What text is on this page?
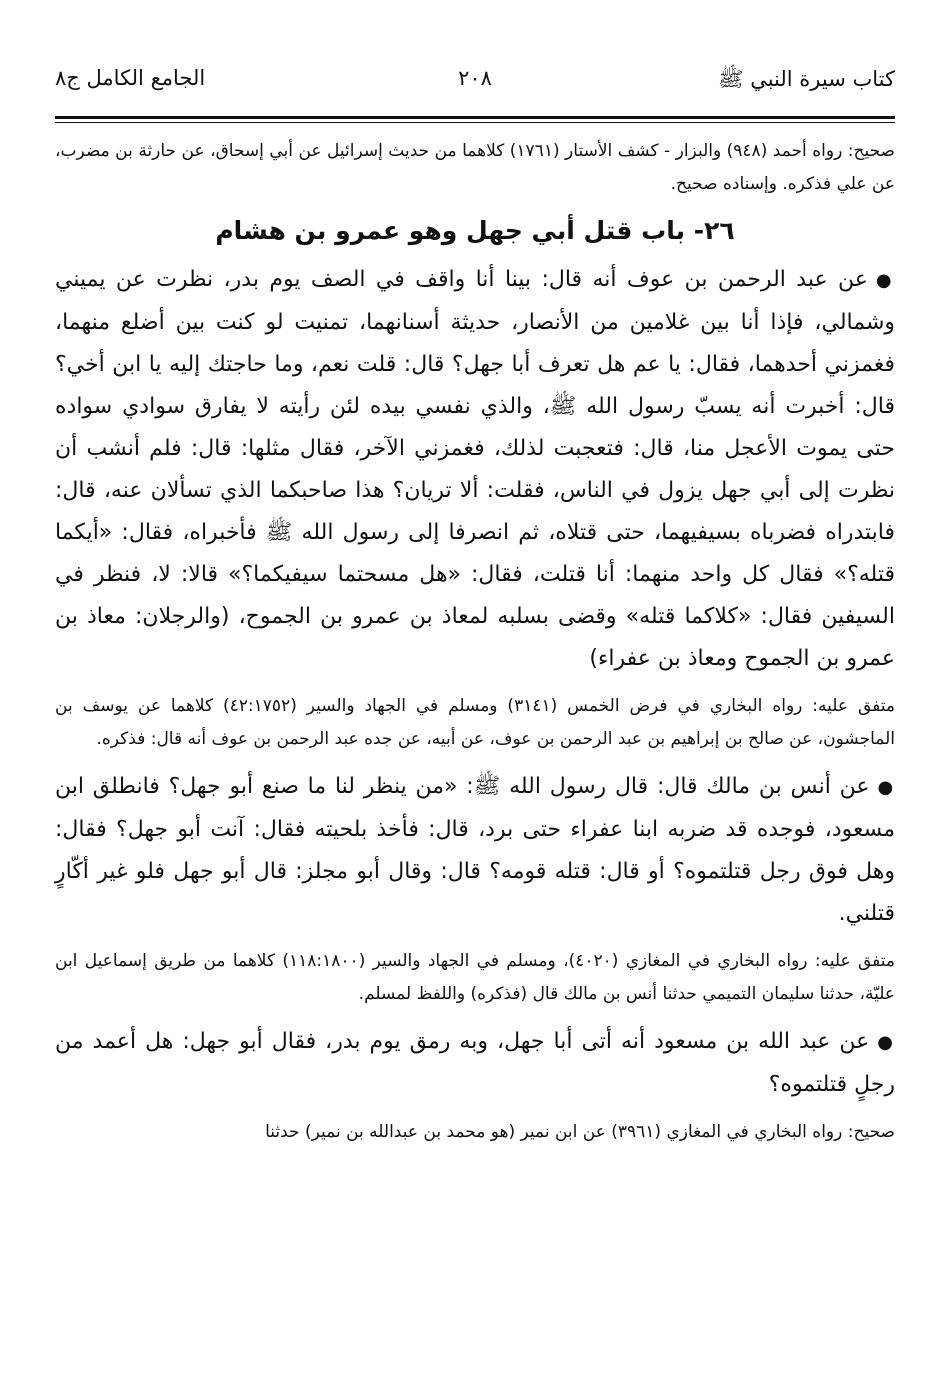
كتاب سيرة النبي ﷺ
٢٠٨
الجامع الكامل ج٨

صحيح: رواه أحمد (٩٤٨) والبزار - كشف الأستار (١٧٦١) كلاهما من حديث إسرائيل عن أبي إسحاق، عن حارثة بن مضرب، عن علي فذكره. وإسناده صحيح.

٢٦- باب قتل أبي جهل وهو عمرو بن هشام

●عن عبد الرحمن بن عوف أنه قال: بينا أنا واقف في الصف يوم بدر، نظرت عن يميني وشمالي، فإذا أنا بين غلامين من الأنصار، حديثة أسنانهما، تمنيت لو كنت بين أضلع منهما، فغمزني أحدهما، فقال: يا عم هل تعرف أبا جهل؟ قال: قلت نعم، وما حاجتك إليه يا ابن أخي؟ قال: أخبرت أنه يسبّ رسول الله ﷺ، والذي نفسي بيده لئن رأيته لا يفارق سوادي سواده حتى يموت الأعجل منا، قال: فتعجبت لذلك، فغمزني الآخر، فقال مثلها: قال: فلم أنشب أن نظرت إلى أبي جهل يزول في الناس، فقلت: ألا تريان؟ هذا صاحبكما الذي تسألان عنه، قال: فابتدراه فضرباه بسيفيهما، حتى قتلاه، ثم انصرفا إلى رسول الله ﷺ فأخبراه، فقال: «أيكما قتله؟» فقال كل واحد منهما: أنا قتلت، فقال: «هل مسحتما سيفيكما؟» قالا: لا، فنظر في السيفين فقال: «كلاكما قتله» وقضى بسلبه لمعاذ بن عمرو بن الجموح، (والرجلان: معاذ بن عمرو بن الجموح ومعاذ بن عفراء)

متفق عليه: رواه البخاري في فرض الخمس (٣١٤١) ومسلم في الجهاد والسير (٤٢:١٧٥٢) كلاهما عن يوسف بن الماجشون، عن صالح بن إبراهيم بن عبد الرحمن بن عوف، عن أبيه، عن جده عبد الرحمن بن عوف أنه قال: فذكره.

●عن أنس بن مالك قال: قال رسول الله ﷺ: «من ينظر لنا ما صنع أبو جهل؟ فانطلق ابن مسعود، فوجده قد ضربه ابنا عفراء حتى برد، قال: فأخذ بلحيته فقال: آنت أبو جهل؟ فقال: وهل فوق رجل قتلتموه؟ أو قال: قتله قومه؟ قال: وقال أبو مجلز: قال أبو جهل فلو غير أكّارٍ قتلني.

متفق عليه: رواه البخاري في المغازي (٤٠٢٠)، ومسلم في الجهاد والسير (١١٨:١٨٠٠) كلاهما من طريق إسماعيل ابن عليّة، حدثنا سليمان التميمي حدثنا أنس بن مالك قال (فذكره) واللفظ لمسلم.

●عن عبد الله بن مسعود أنه أتى أبا جهل، وبه رمق يوم بدر، فقال أبو جهل: هل أعمد من رجلٍ قتلتموه؟

صحيح: رواه البخاري في المغازي (٣٩٦١) عن ابن نمير (هو محمد بن عبدالله بن نمير) حدثنا
